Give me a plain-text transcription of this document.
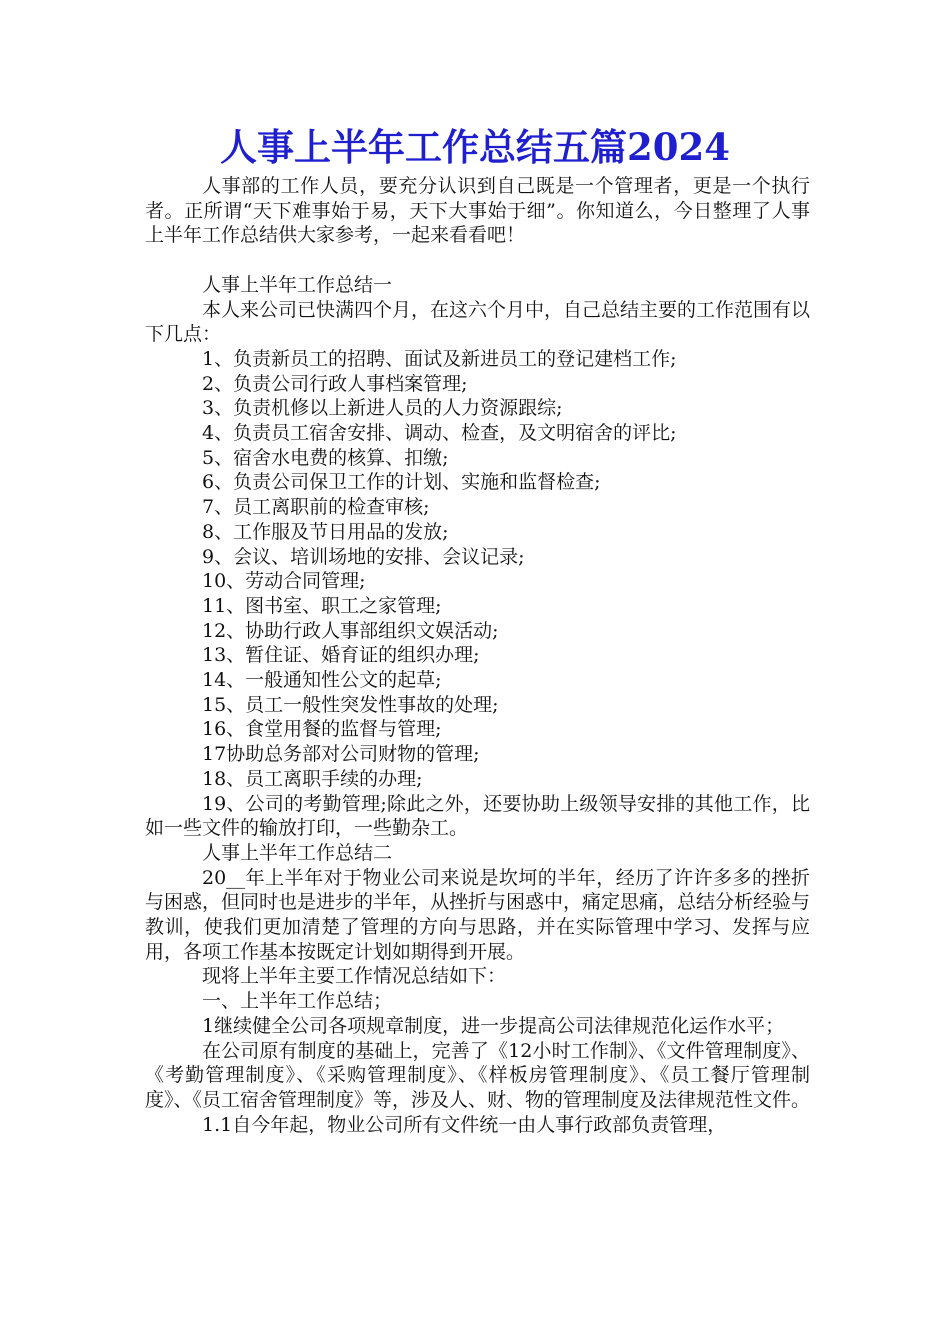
人事上半年工作总结五篇2024

人事部的工作人员，要充分认识到自己既是一个管理者，更是一个执行者。正所谓“天下难事始于易，天下大事始于细”。你知道么，今日整理了人事上半年工作总结供大家参考，一起来看看吧！

人事上半年工作总结一

本人来公司已快满四个月，在这六个月中，自己总结主要的工作范围有以下几点：

1、负责新员工的招聘、面试及新进员工的登记建档工作;

2、负责公司行政人事档案管理;

3、负责机修以上新进人员的人力资源跟综;

4、负责员工宿舍安排、调动、检查，及文明宿舍的评比;

5、宿舍水电费的核算、扣缴;

6、负责公司保卫工作的计划、实施和监督检查;

7、员工离职前的检查审核;

8、工作服及节日用品的发放;

9、会议、培训场地的安排、会议记录;

10、劳动合同管理;

11、图书室、职工之家管理;

12、协助行政人事部组织文娱活动;

13、暂住证、婚育证的组织办理;

14、一般通知性公文的起草;

15、员工一般性突发性事故的处理;

16、食堂用餐的监督与管理;

17协助总务部对公司财物的管理;

18、员工离职手续的办理;

19、公司的考勤管理;除此之外，还要协助上级领导安排的其他工作，比如一些文件的输放打印，一些勤杂工。

人事上半年工作总结二

20__年上半年对于物业公司来说是坎坷的半年，经历了许许多多的挫折与困惑，但同时也是进步的半年，从挫折与困惑中，痛定思痛，总结分析经验与教训，使我们更加清楚了管理的方向与思路，并在实际管理中学习、发挥与应用，各项工作基本按既定计划如期得到开展。

现将上半年主要工作情况总结如下：

一、上半年工作总结；

1继续健全公司各项规章制度，进一步提高公司法律规范化运作水平；

在公司原有制度的基础上，完善了《12小时工作制》、《文件管理制度》、《考勤管理制度》、《采购管理制度》、《样板房管理制度》、《员工餐厅管理制度》、《员工宿舍管理制度》等，涉及人、财、物的管理制度及法律规范性文件。

1.1自今年起，物业公司所有文件统一由人事行政部负责管理，
